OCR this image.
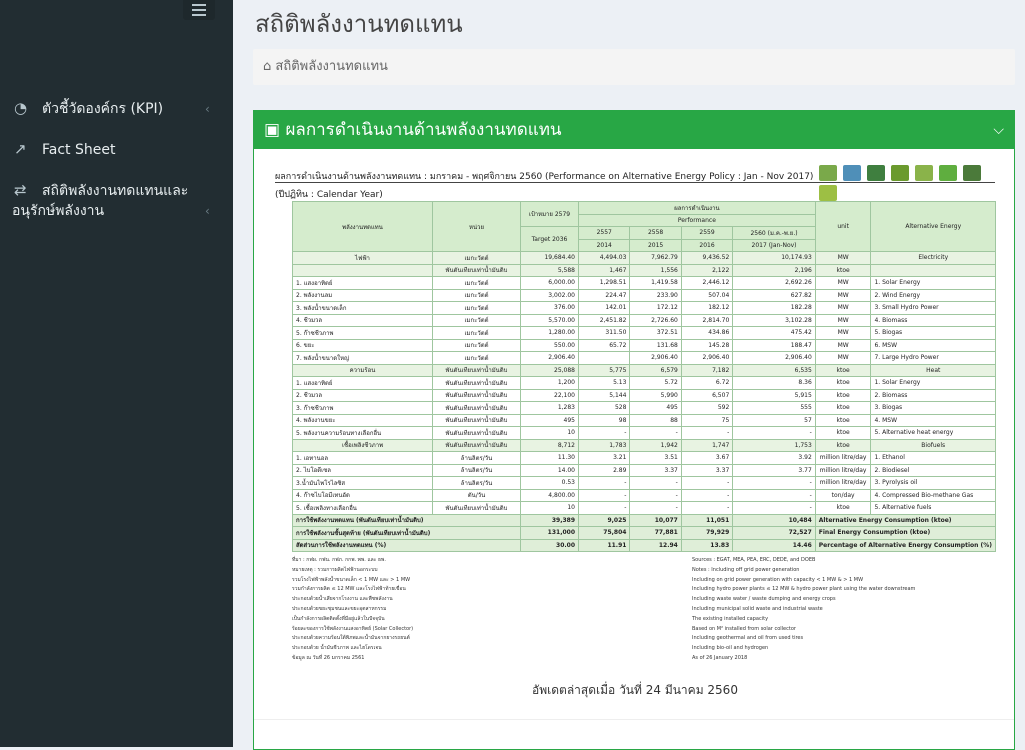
◔ ตัวชี้วัดองค์กร (KPI)	‹
↗ Fact Sheet
⇄ สถิติพลังงานทดแทนและ
อนุรักษ์พลังงาน	‹
สถิติพลังงานทดแทน
⌂ สถิติพลังงานทดแทน
▣ ผลการดำเนินงานด้านพลังงานทดแทน	⌵
ผลการดำเนินงานด้านพลังงานทดแทน : มกราคม - พฤศจิกายน 2560 (Performance on Alternative Energy Policy : Jan - Nov 2017)
(ปีปฏิทิน : Calendar Year)
พลังงานทดแทน	หน่วย	เป้าหมาย 2579	ผลการดำเนินงาน				unit	Alternative Energy
			Performance					
		Target 2036	2557	2558	2559	2560 (ม.ค.-พ.ย.)		
			2014	2015	2016	2017 (Jan-Nov)		
ไฟฟ้า	เมกะวัตต์	19,684.40	4,494.03	7,962.79	9,436.52	10,174.93	MW	Electricity
	พันตันเทียบเท่าน้ำมันดิบ	5,588	1,467	1,556	2,122	2,196	ktoe	
1. แสงอาทิตย์	เมกะวัตต์	6,000.00	1,298.51	1,419.58	2,446.12	2,692.26	MW	1. Solar Energy
2. พลังงานลม	เมกะวัตต์	3,002.00	224.47	233.90	507.04	627.82	MW	2. Wind Energy
3. พลังน้ำขนาดเล็ก	เมกะวัตต์	376.00	142.01	172.12	182.12	182.28	MW	3. Small Hydro Power
4. ชีวมวล	เมกะวัตต์	5,570.00	2,451.82	2,726.60	2,814.70	3,102.28	MW	4. Biomass
5. ก๊าซชีวภาพ	เมกะวัตต์	1,280.00	311.50	372.51	434.86	475.42	MW	5. Biogas
6. ขยะ	เมกะวัตต์	550.00	65.72	131.68	145.28	188.47	MW	6. MSW
7. พลังน้ำขนาดใหญ่	เมกะวัตต์	2,906.40		2,906.40	2,906.40	2,906.40	MW	7. Large Hydro Power
ความร้อน	พันตันเทียบเท่าน้ำมันดิบ	25,088	5,775	6,579	7,182	6,535	ktoe	Heat
1. แสงอาทิตย์	พันตันเทียบเท่าน้ำมันดิบ	1,200	5.13	5.72	6.72	8.36	ktoe	1. Solar Energy
2. ชีวมวล	พันตันเทียบเท่าน้ำมันดิบ	22,100	5,144	5,990	6,507	5,915	ktoe	2. Biomass
3. ก๊าซชีวภาพ	พันตันเทียบเท่าน้ำมันดิบ	1,283	528	495	592	555	ktoe	3. Biogas
4. พลังงานขยะ	พันตันเทียบเท่าน้ำมันดิบ	495	98	88	75	57	ktoe	4. MSW
5. พลังงานความร้อนทางเลือกอื่น	พันตันเทียบเท่าน้ำมันดิบ	10	-	-	-	-	ktoe	5. Alternative heat energy
เชื้อเพลิงชีวภาพ	พันตันเทียบเท่าน้ำมันดิบ	8,712	1,783	1,942	1,747	1,753	ktoe	Biofuels
1. เอทานอล	ล้านลิตร/วัน	11.30	3.21	3.51	3.67	3.92	million litre/day	1. Ethanol
2. ไบโอดีเซล	ล้านลิตร/วัน	14.00	2.89	3.37	3.37	3.77	million litre/day	2. Biodiesel
3.น้ำมันไพโรไลซิส	ล้านลิตร/วัน	0.53	-	-	-	-	million litre/day	3. Pyrolysis oil
4. ก๊าซไบโอมีเทนอัด	ตัน/วัน	4,800.00	-	-	-	-	ton/day	4. Compressed Bio-methane Gas
5. เชื้อเพลิงทางเลือกอื่น	พันตันเทียบเท่าน้ำมันดิบ	10	-	-	-	-	ktoe	5. Alternative fuels
การใช้พลังงานทดแทน (พันตันเทียบเท่าน้ำมันดิบ)		39,389	9,025	10,077	11,051	10,484	Alternative Energy Consumption (ktoe)	
การใช้พลังงานขั้นสุดท้าย (พันตันเทียบเท่าน้ำมันดิบ)		131,000	75,804	77,881	79,929	72,527	Final Energy Consumption (ktoe)	
สัดส่วนการใช้พลังงานทดแทน (%)		30.00	11.91	12.94	13.83	14.46	Percentage of Alternative Energy Consumption (%)	
ที่มา : กฟผ. กฟน. กฟภ. กกพ. พพ. และ ธพ.
หมายเหตุ : รวมการผลิตไฟฟ้านอกระบบ
รวมโรงไฟฟ้าพลังน้ำขนาดเล็ก < 1 MW และ > 1 MW
รวมกำลังการผลิต ≤ 12 MW และโรงไฟฟ้าท้ายเขื่อน
ประกอบด้วยน้ำเสียจากโรงงาน และพืชพลังงาน
ประกอบด้วยขยะชุมชนและขยะอุตสาหกรรม
เป็นกำลังการผลิตติดตั้งที่มีอยู่แล้วในปัจจุบัน
ร้อยละของการใช้พลังงานแสงอาทิตย์ (Solar Collector)
ประกอบด้วยความร้อนใต้พิภพและน้ำมันจากยางรถยนต์
ประกอบด้วย น้ำมันชีวภาพ และไฮโดรเจน
ข้อมูล ณ วันที่ 26 มกราคม 2561
Sources : EGAT, MEA, PEA, ERC, DEDE, and DOEB
Notes : Including off grid power generation
Including on grid power generation with capacity < 1 MW & > 1 MW
Including hydro power plants ≤ 12 MW & hydro power plant using the water downstream
Including waste water / waste dumping and energy crops
Including municipal solid waste and industrial waste
The existing installed capacity
Based on M² installed from solar collector
Including geothermal and oil from used tires
Including bio-oil and hydrogen
As of 26 January 2018
อัพเดตล่าสุดเมื่อ วันที่ 24 มีนาคม 2560
